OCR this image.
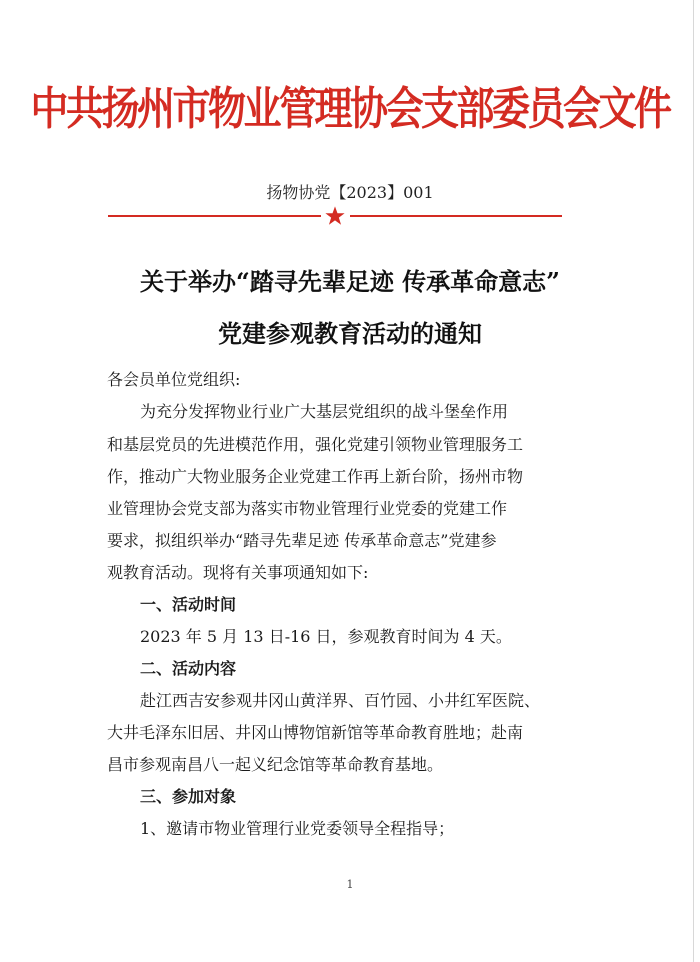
中共扬州市物业管理协会支部委员会文件
扬物协党【2023】001
关于举办“踏寻先辈足迹 传承革命意志”
党建参观教育活动的通知
各会员单位党组织:
为充分发挥物业行业广大基层党组织的战斗堡垒作用
和基层党员的先进模范作用，强化党建引领物业管理服务工
作，推动广大物业服务企业党建工作再上新台阶，扬州市物
业管理协会党支部为落实市物业管理行业党委的党建工作
要求，拟组织举办“踏寻先辈足迹 传承革命意志”党建参
观教育活动。现将有关事项通知如下:
一、活动时间
2023 年 5 月 13 日-16 日，参观教育时间为 4 天。
二、活动内容
赴江西吉安参观井冈山黄洋界、百竹园、小井红军医院、
大井毛泽东旧居、井冈山博物馆新馆等革命教育胜地；赴南
昌市参观南昌八一起义纪念馆等革命教育基地。
三、参加对象
1、邀请市物业管理行业党委领导全程指导；
1
